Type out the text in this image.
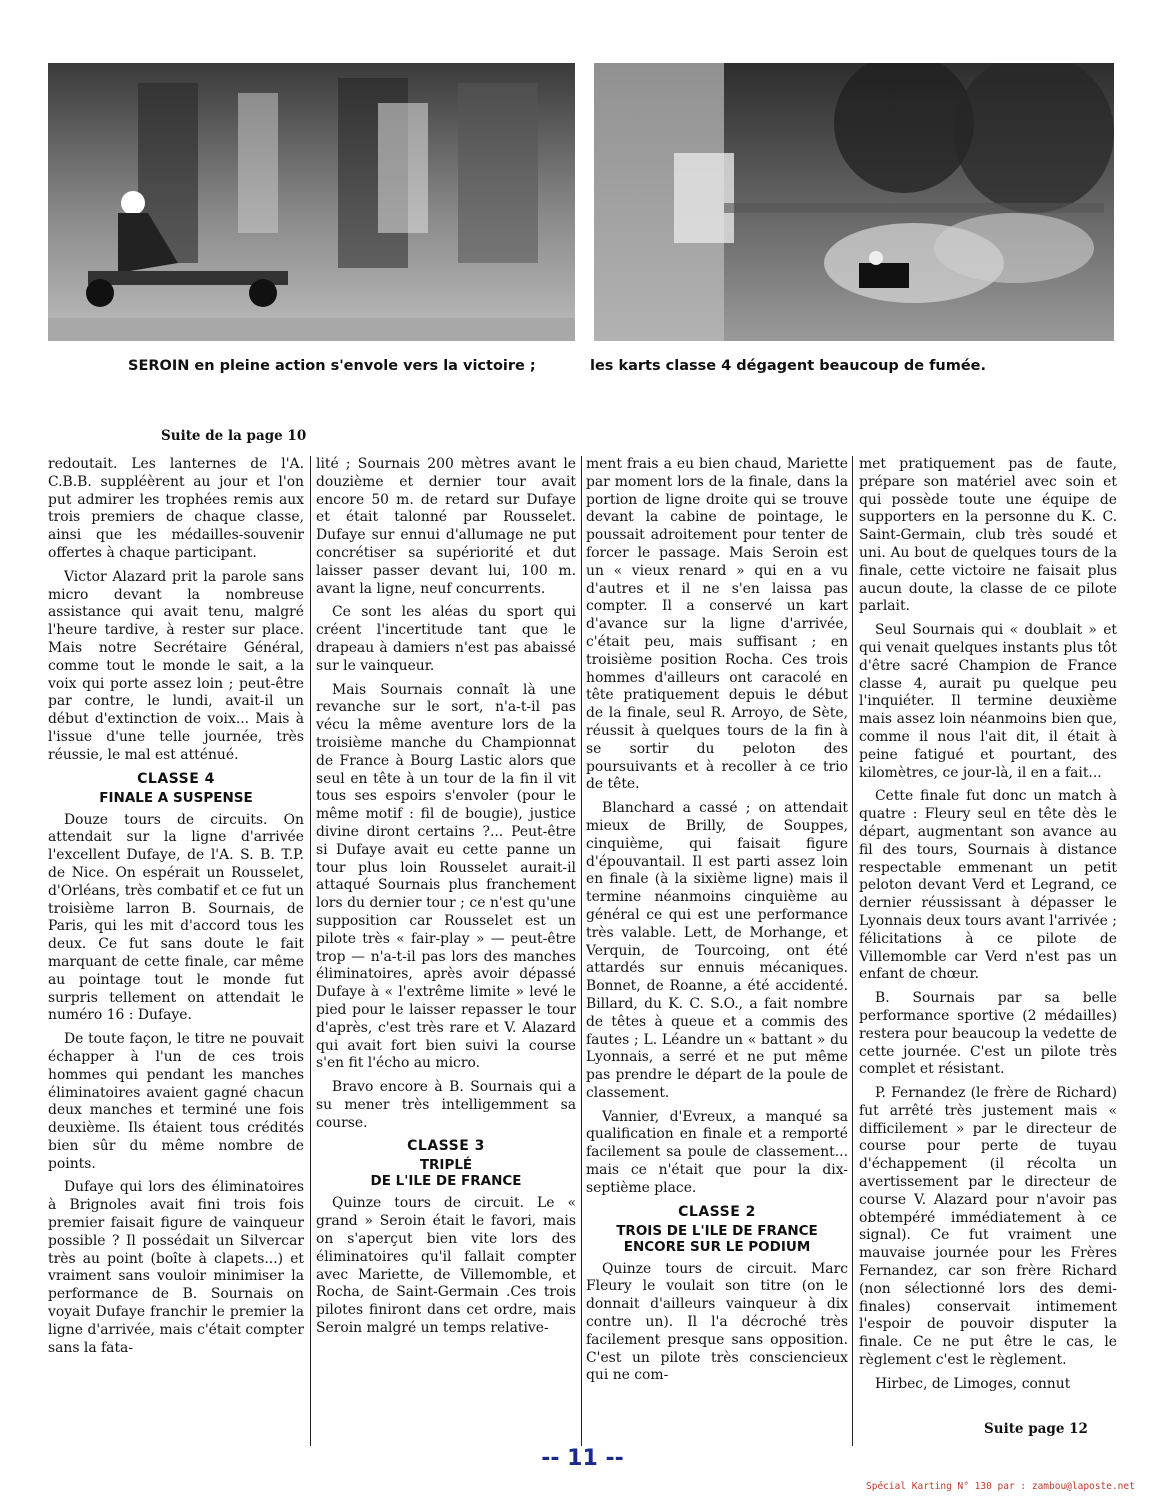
SEROIN en pleine action s'envole vers la victoire ;	les karts classe 4 dégagent beaucoup de fumée.
Suite de la page 10

redoutait. Les lanternes de l'A. C.B.B. suppléèrent au jour et l'on put admirer les trophées remis aux trois premiers de chaque classe, ainsi que les médailles-souvenir offertes à chaque participant.

Victor Alazard prit la parole sans micro devant la nombreuse assistance qui avait tenu, malgré l'heure tardive, à rester sur place. Mais notre Secrétaire Général, comme tout le monde le sait, a la voix qui porte assez loin ; peut-être par contre, le lundi, avait-il un début d'extinction de voix... Mais à l'issue d'une telle journée, très réussie, le mal est atténué.

CLASSE 4
FINALE A SUSPENSE

Douze tours de circuits. On attendait sur la ligne d'arrivée l'excellent Dufaye, de l'A. S. B. T.P. de Nice. On espérait un Rousselet, d'Orléans, très combatif et ce fut un troisième larron B. Sournais, de Paris, qui les mit d'accord tous les deux. Ce fut sans doute le fait marquant de cette finale, car même au pointage tout le monde fut surpris tellement on attendait le numéro 16 : Dufaye.

De toute façon, le titre ne pouvait échapper à l'un de ces trois hommes qui pendant les manches éliminatoires avaient gagné chacun deux manches et terminé une fois deuxième. Ils étaient tous crédités bien sûr du même nombre de points.

Dufaye qui lors des éliminatoires à Brignoles avait fini trois fois premier faisait figure de vainqueur possible ? Il possédait un Silvercar très au point (boîte à clapets...) et vraiment sans vouloir minimiser la performance de B. Sournais on voyait Dufaye franchir le premier la ligne d'arrivée, mais c'était compter sans la fata-

lité ; Sournais 200 mètres avant le douzième et dernier tour avait encore 50 m. de retard sur Dufaye et était talonné par Rousselet. Dufaye sur ennui d'allumage ne put concrétiser sa supériorité et dut laisser passer devant lui, 100 m. avant la ligne, neuf concurrents.

Ce sont les aléas du sport qui créent l'incertitude tant que le drapeau à damiers n'est pas abaissé sur le vainqueur.

Mais Sournais connaît là une revanche sur le sort, n'a-t-il pas vécu la même aventure lors de la troisième manche du Championnat de France à Bourg Lastic alors que seul en tête à un tour de la fin il vit tous ses espoirs s'envoler (pour le même motif : fil de bougie), justice divine diront certains ?... Peut-être si Dufaye avait eu cette panne un tour plus loin Rousselet aurait-il attaqué Sournais plus franchement lors du dernier tour ; ce n'est qu'une supposition car Rousselet est un pilote très « fair-play » — peut-être trop — n'a-t-il pas lors des manches éliminatoires, après avoir dépassé Dufaye à « l'extrême limite » levé le pied pour le laisser repasser le tour d'après, c'est très rare et V. Alazard qui avait fort bien suivi la course s'en fit l'écho au micro.

Bravo encore à B. Sournais qui a su mener très intelligemment sa course.

CLASSE 3
TRIPLÉ
DE L'ILE DE FRANCE

Quinze tours de circuit. Le « grand » Seroin était le favori, mais on s'aperçut bien vite lors des éliminatoires qu'il fallait compter avec Mariette, de Villemomble, et Rocha, de Saint-Germain .Ces trois pilotes finiront dans cet ordre, mais Seroin malgré un temps relative-

ment frais a eu bien chaud, Mariette par moment lors de la finale, dans la portion de ligne droite qui se trouve devant la cabine de pointage, le poussait adroitement pour tenter de forcer le passage. Mais Seroin est un « vieux renard » qui en a vu d'autres et il ne s'en laissa pas compter. Il a conservé un kart d'avance sur la ligne d'arrivée, c'était peu, mais suffisant ; en troisième position Rocha. Ces trois hommes d'ailleurs ont caracolé en tête pratiquement depuis le début de la finale, seul R. Arroyo, de Sète, réussit à quelques tours de la fin à se sortir du peloton des poursuivants et à recoller à ce trio de tête.

Blanchard a cassé ; on attendait mieux de Brilly, de Souppes, cinquième, qui faisait figure d'épouvantail. Il est parti assez loin en finale (à la sixième ligne) mais il termine néanmoins cinquième au général ce qui est une performance très valable. Lett, de Morhange, et Verquin, de Tourcoing, ont été attardés sur ennuis mécaniques. Bonnet, de Roanne, a été accidenté. Billard, du K. C. S.O., a fait nombre de têtes à queue et a commis des fautes ; L. Léandre un « battant » du Lyonnais, a serré et ne put même pas prendre le départ de la poule de classement.

Vannier, d'Evreux, a manqué sa qualification en finale et a remporté facilement sa poule de classement... mais ce n'était que pour la dix-septième place.

CLASSE 2
TROIS DE L'ILE DE FRANCE ENCORE SUR LE PODIUM

Quinze tours de circuit. Marc Fleury le voulait son titre (on le donnait d'ailleurs vainqueur à dix contre un). Il l'a décroché très facilement presque sans opposition. C'est un pilote très consciencieux qui ne com-

met pratiquement pas de faute, prépare son matériel avec soin et qui possède toute une équipe de supporters en la personne du K. C. Saint-Germain, club très soudé et uni. Au bout de quelques tours de la finale, cette victoire ne faisait plus aucun doute, la classe de ce pilote parlait.

Seul Sournais qui « doublait » et qui venait quelques instants plus tôt d'être sacré Champion de France classe 4, aurait pu quelque peu l'inquiéter. Il termine deuxième mais assez loin néanmoins bien que, comme il nous l'ait dit, il était à peine fatigué et pourtant, des kilomètres, ce jour-là, il en a fait...

Cette finale fut donc un match à quatre : Fleury seul en tête dès le départ, augmentant son avance au fil des tours, Sournais à distance respectable emmenant un petit peloton devant Verd et Legrand, ce dernier réussissant à dépasser le Lyonnais deux tours avant l'arrivée ; félicitations à ce pilote de Villemomble car Verd n'est pas un enfant de chœur.

B. Sournais par sa belle performance sportive (2 médailles) restera pour beaucoup la vedette de cette journée. C'est un pilote très complet et résistant.

P. Fernandez (le frère de Richard) fut arrêté très justement mais « difficilement » par le directeur de course pour perte de tuyau d'échappement (il récolta un avertissement par le directeur de course V. Alazard pour n'avoir pas obtempéré immédiatement à ce signal). Ce fut vraiment une mauvaise journée pour les Frères Fernandez, car son frère Richard (non sélectionné lors des demi-finales) conservait intimement l'espoir de pouvoir disputer la finale. Ce ne put être le cas, le règlement c'est le règlement.

Hirbec, de Limoges, connut

Suite page 12
-- 11 --
Spécial Karting N° 130 par : zambou@laposte.net
